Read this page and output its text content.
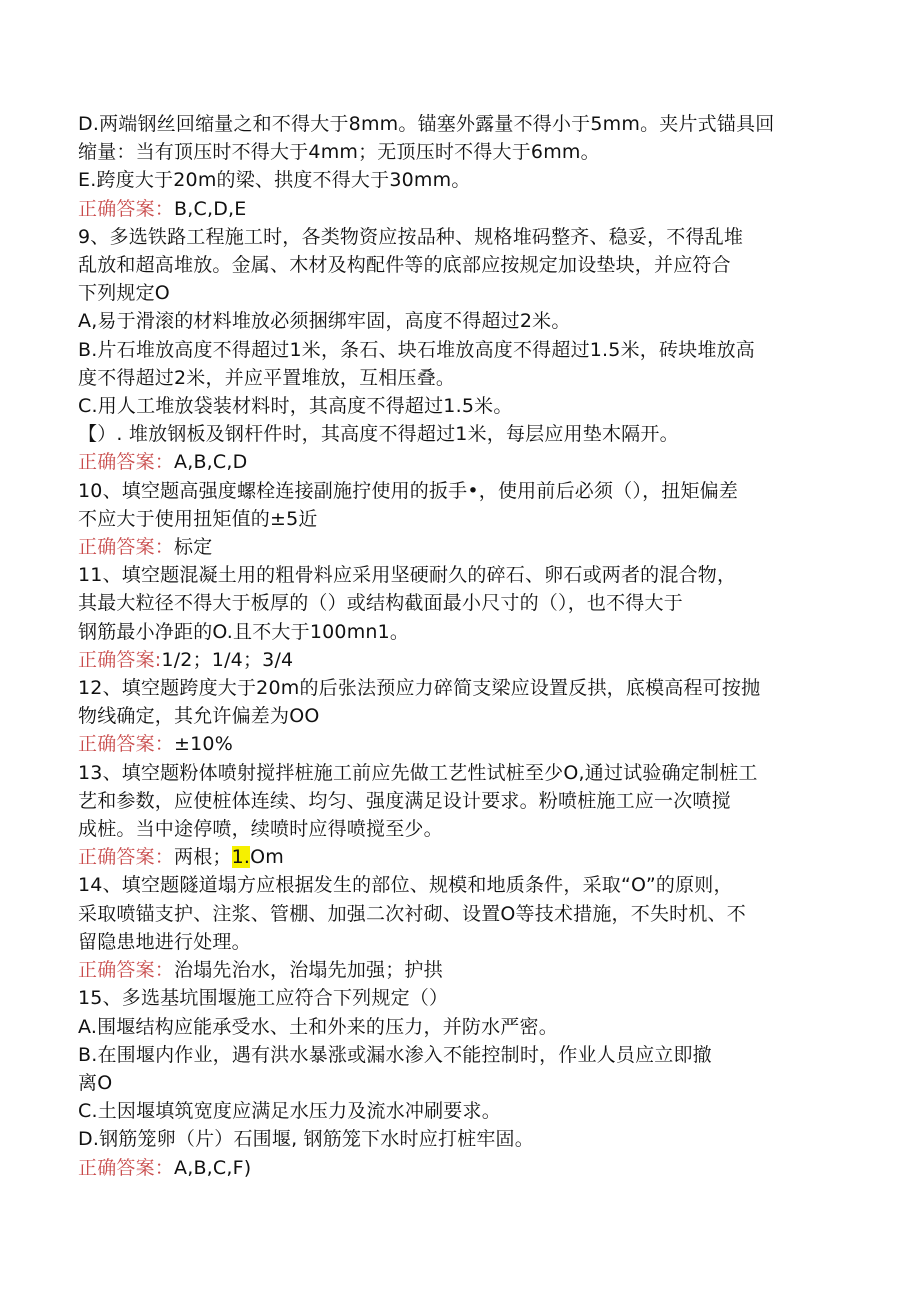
D.两端钢丝回缩量之和不得大于8mm。锚塞外露量不得小于5mm。夹片式锚具回
缩量：当有顶压时不得大于4mm；无顶压时不得大于6mm。
E.跨度大于20m的梁、拱度不得大于30mm。
正确答案：B,C,D,E
9、多选铁路工程施工时，各类物资应按品种、规格堆码整齐、稳妥，不得乱堆
乱放和超高堆放。金属、木材及构配件等的底部应按规定加设垫块，并应符合
下列规定O
A,易于滑滚的材料堆放必须捆绑牢固，高度不得超过2米。
B.片石堆放高度不得超过1米，条石、块石堆放高度不得超过1.5米，砖块堆放高
度不得超过2米，并应平置堆放，互相压叠。
C.用人工堆放袋装材料时，其高度不得超过1.5米。
【）. 堆放钢板及钢杆件时，其高度不得超过1米，每层应用垫木隔开。
正确答案：A,B,C,D
10、填空题高强度螺栓连接副施拧使用的扳手•，使用前后必须（），扭矩偏差
不应大于使用扭矩值的±5近
正确答案：标定
11、填空题混凝土用的粗骨料应采用坚硬耐久的碎石、卵石或两者的混合物，
其最大粒径不得大于板厚的（）或结构截面最小尺寸的（），也不得大于
钢筋最小净距的O.且不大于100mn1。
正确答案:1/2；1/4；3/4
12、填空题跨度大于20m的后张法预应力碎简支梁应设置反拱，底模高程可按抛
物线确定，其允许偏差为OO
正确答案：±10%
13、填空题粉体喷射搅拌桩施工前应先做工艺性试桩至少O,通过试验确定制桩工
艺和参数，应使桩体连续、均匀、强度满足设计要求。粉喷桩施工应一次喷搅
成桩。当中途停喷，续喷时应得喷搅至少。
正确答案：两根；1.Om
14、填空题隧道塌方应根据发生的部位、规模和地质条件，采取“O”的原则，
采取喷锚支护、注浆、管棚、加强二次衬砌、设置O等技术措施，不失时机、不
留隐患地进行处理。
正确答案：治塌先治水，治塌先加强；护拱
15、多选基坑围堰施工应符合下列规定（）
A.围堰结构应能承受水、土和外来的压力，并防水严密。
B.在围堰内作业，遇有洪水暴涨或漏水渗入不能控制时，作业人员应立即撤
离O
C.土因堰填筑宽度应满足水压力及流水冲刷要求。
D.钢筋笼卵（片）石围堰, 钢筋笼下水时应打桩牢固。
正确答案：A,B,C,F)
